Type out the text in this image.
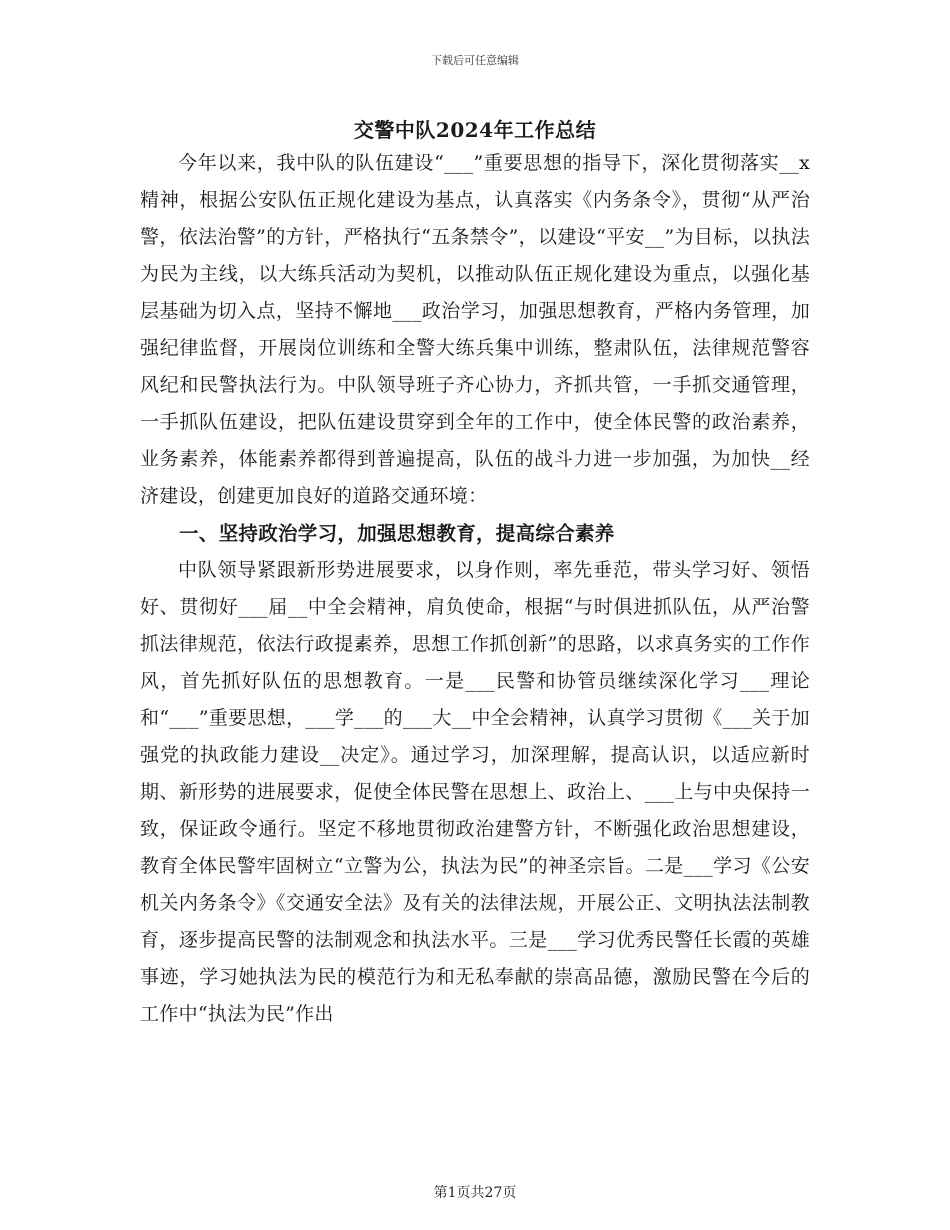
下载后可任意编辑
交警中队2024年工作总结

今年以来，我中队的队伍建设“___”重要思想的指导下，深化贯彻落实__x精神，根据公安队伍正规化建设为基点，认真落实《内务条令》，贯彻“从严治警，依法治警”的方针，严格执行“五条禁令”，以建设“平安__”为目标，以执法为民为主线，以大练兵活动为契机，以推动队伍正规化建设为重点，以强化基层基础为切入点，坚持不懈地___政治学习，加强思想教育，严格内务管理，加强纪律监督，开展岗位训练和全警大练兵集中训练，整肃队伍，法律规范警容风纪和民警执法行为。中队领导班子齐心协力，齐抓共管，一手抓交通管理，一手抓队伍建设，把队伍建设贯穿到全年的工作中，使全体民警的政治素养，业务素养，体能素养都得到普遍提高，队伍的战斗力进一步加强，为加快__经济建设，创建更加良好的道路交通环境：

一、坚持政治学习，加强思想教育，提高综合素养

中队领导紧跟新形势进展要求，以身作则，率先垂范，带头学习好、领悟好、贯彻好___届__中全会精神，肩负使命，根据“与时俱进抓队伍，从严治警抓法律规范，依法行政提素养，思想工作抓创新”的思路，以求真务实的工作作风，首先抓好队伍的思想教育。一是___民警和协管员继续深化学习___理论和“___”重要思想，___学___的___大__中全会精神，认真学习贯彻《___关于加强党的执政能力建设__决定》。通过学习，加深理解，提高认识，以适应新时期、新形势的进展要求，促使全体民警在思想上、政治上、___上与中央保持一致，保证政令通行。坚定不移地贯彻政治建警方针，不断强化政治思想建设，教育全体民警牢固树立“立警为公，执法为民”的神圣宗旨。二是___学习《公安机关内务条令》《交通安全法》及有关的法律法规，开展公正、文明执法法制教育，逐步提高民警的法制观念和执法水平。三是___学习优秀民警任长霞的英雄事迹，学习她执法为民的模范行为和无私奉献的崇高品德，激励民警在今后的工作中“执法为民”作出

第1页共27页
